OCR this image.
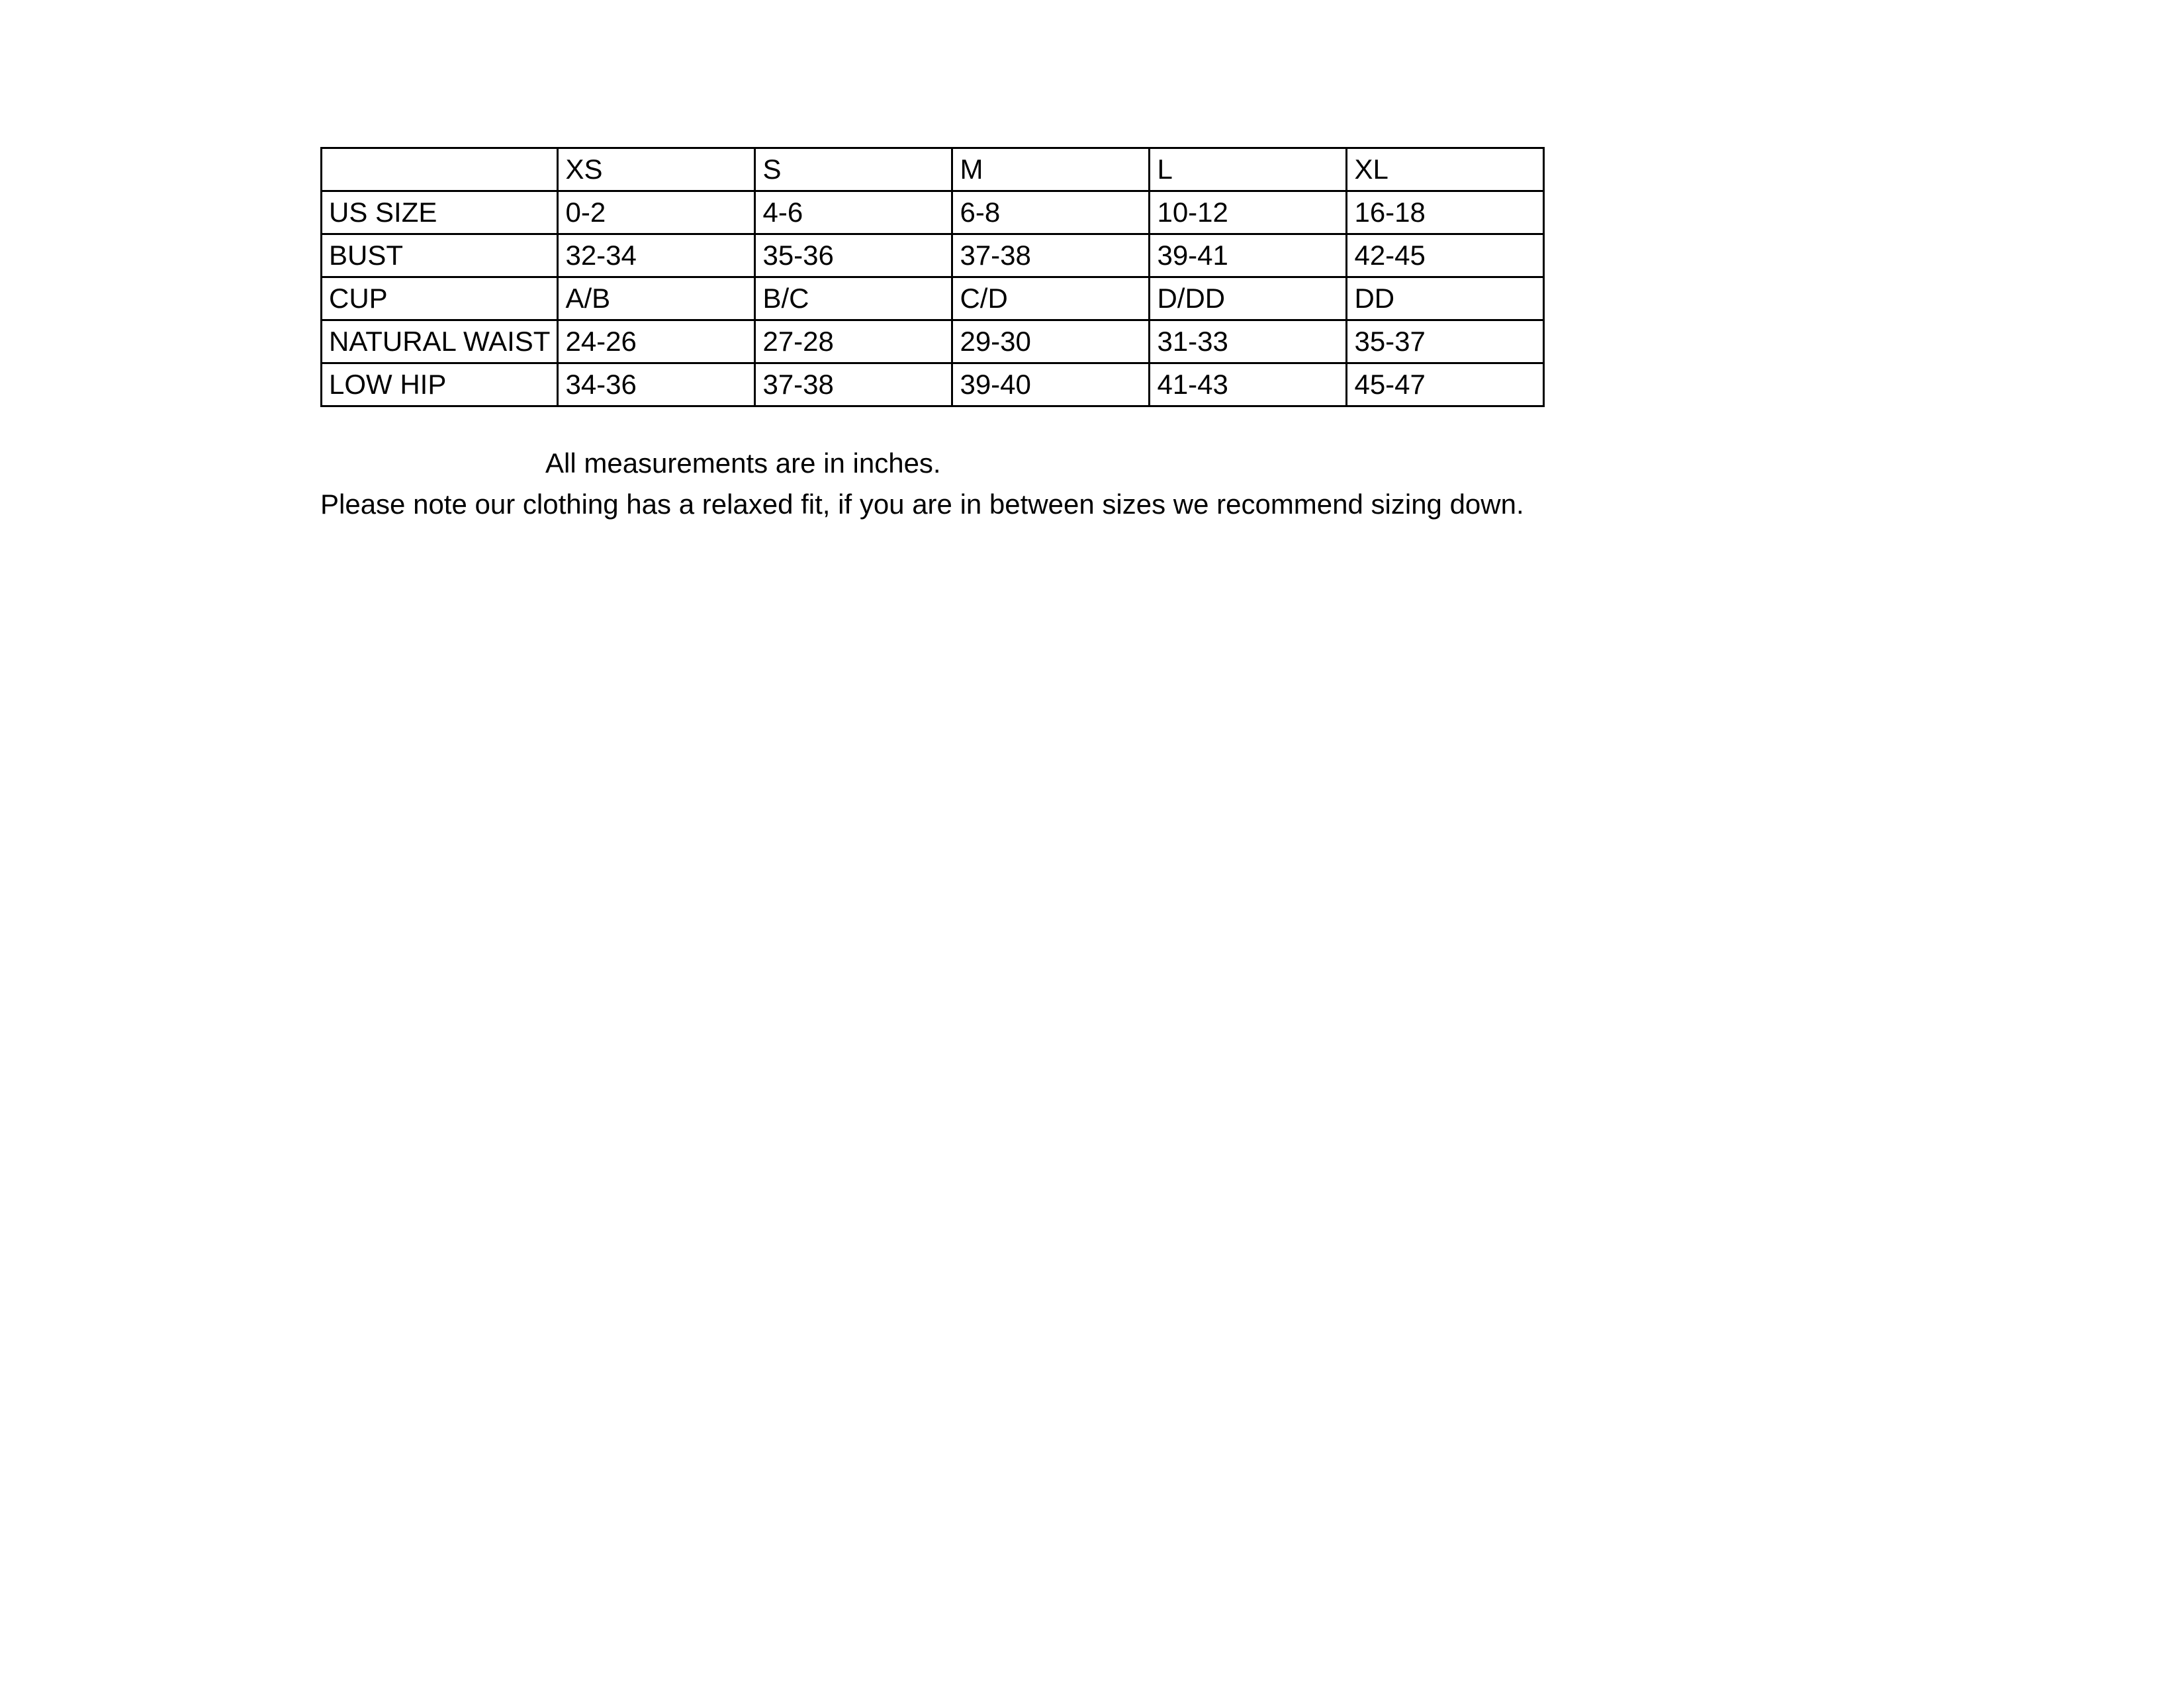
	XS	S	M	L	XL
US SIZE	0-2	4-6	6-8	10-12	16-18
BUST	32-34	35-36	37-38	39-41	42-45
CUP	A/B	B/C	C/D	D/DD	DD
NATURAL WAIST	24-26	27-28	29-30	31-33	35-37
LOW HIP	34-36	37-38	39-40	41-43	45-47
All measurements are in inches.
Please note our clothing has a relaxed fit, if you are in between sizes we recommend sizing down.
